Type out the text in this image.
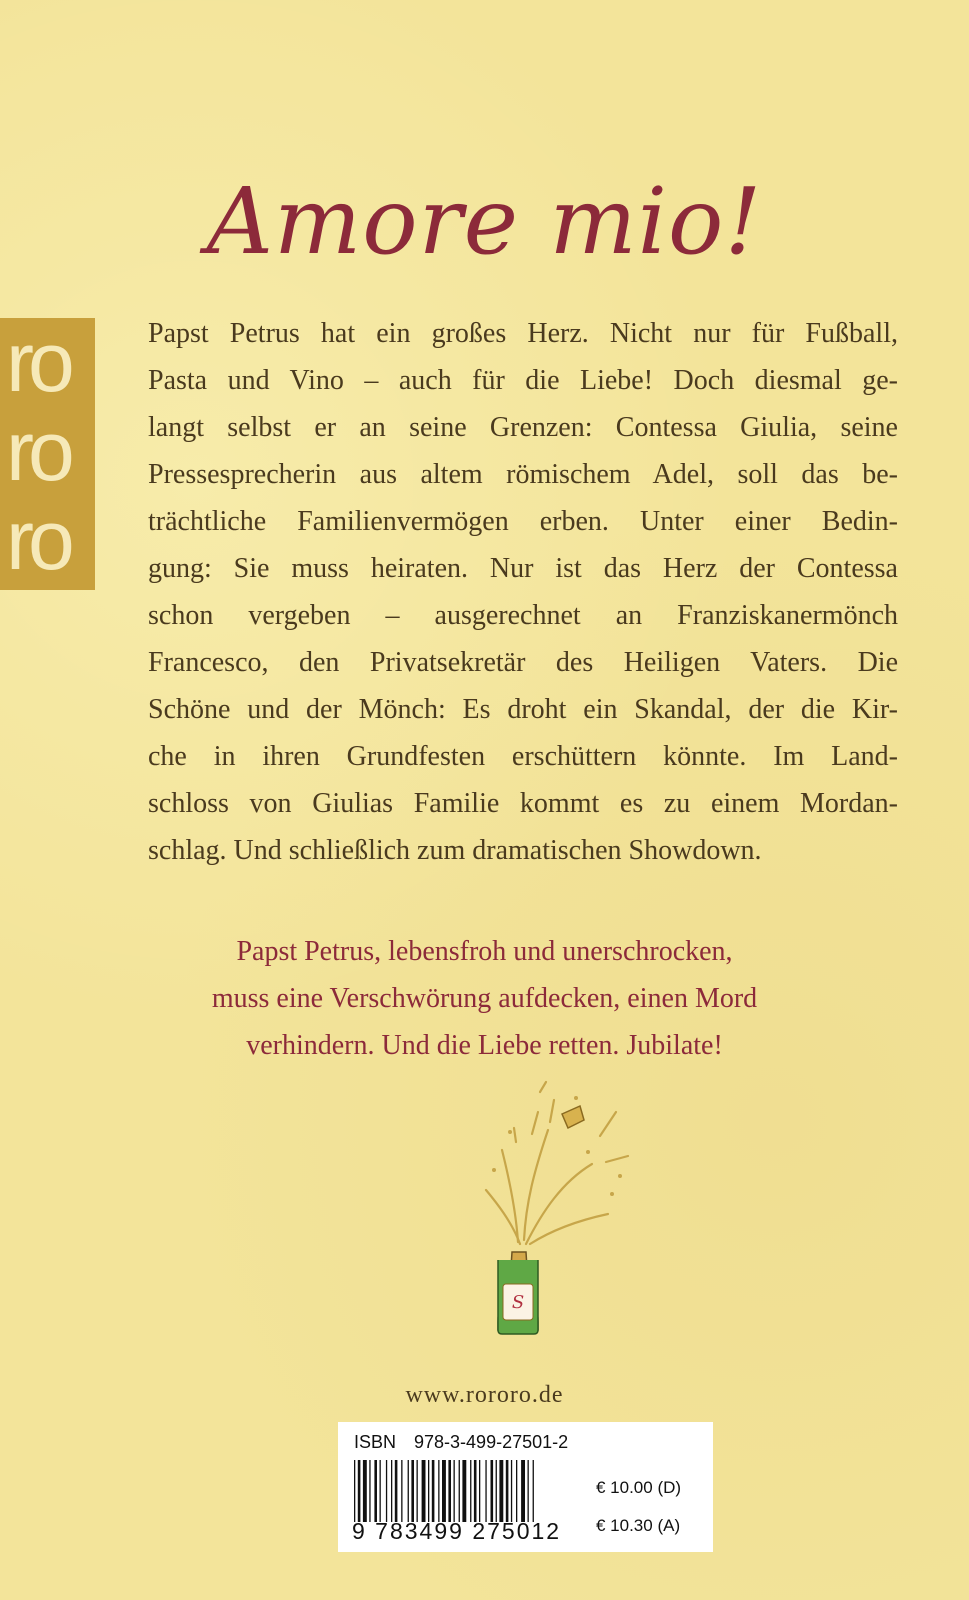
ro
ro
ro
Amore mio!
Papst Petrus hat ein großes Herz. Nicht nur für Fußball,
Pasta und Vino – auch für die Liebe! Doch diesmal ge-
langt selbst er an seine Grenzen: Contessa Giulia, seine
Pressesprecherin aus altem römischem Adel, soll das be-
trächtliche Familienvermögen erben. Unter einer Bedin-
gung: Sie muss heiraten. Nur ist das Herz der Contessa
schon vergeben – ausgerechnet an Franziskanermönch
Francesco, den Privatsekretär des Heiligen Vaters. Die
Schöne und der Mönch: Es droht ein Skandal, der die Kir-
che in ihren Grundfesten erschüttern könnte. Im Land-
schloss von Giulias Familie kommt es zu einem Mordan-
schlag. Und schließlich zum dramatischen Showdown.
Papst Petrus, lebensfroh und unerschrocken,
muss eine Verschwörung aufdecken, einen Mord
verhindern. Und die Liebe retten. Jubilate!
S
www.rororo.de
ISBN 978-3-499-27501-2
9 783499 275012
€ 10.00 (D)
€ 10.30 (A)
